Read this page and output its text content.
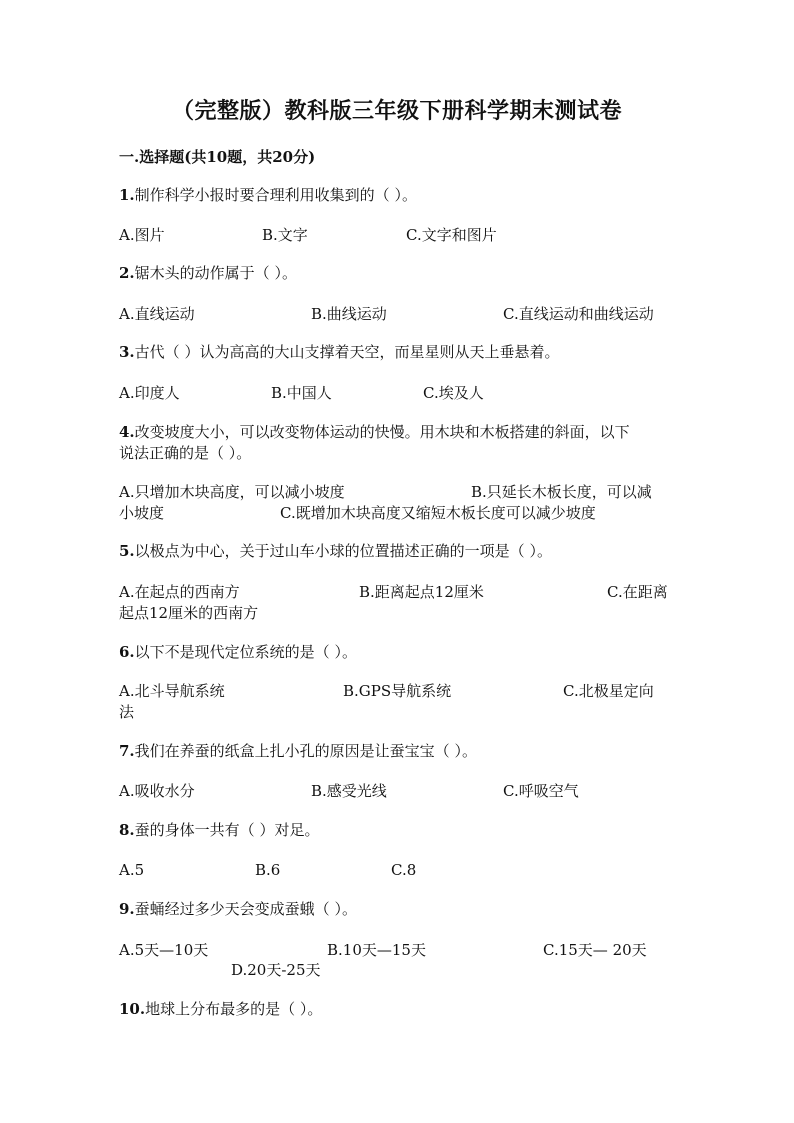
（完整版）教科版三年级下册科学期末测试卷
一.选择题(共10题，共20分)
1.制作科学小报时要合理利用收集到的（ ）。
A.图片	B.文字	C.文字和图片
2.锯木头的动作属于（ ）。
A.直线运动	B.曲线运动	C.直线运动和曲线运动
3.古代（ ）认为高高的大山支撑着天空，而星星则从天上垂悬着。
A.印度人	B.中国人	C.埃及人
4.改变坡度大小，可以改变物体运动的快慢。用木块和木板搭建的斜面，以下
说法正确的是（ ）。
A.只增加木块高度，可以减小坡度	B.只延长木板长度，可以减
小坡度	C.既增加木块高度又缩短木板长度可以减少坡度
5.以极点为中心，关于过山车小球的位置描述正确的一项是（ ）。
A.在起点的西南方	B.距离起点12厘米	C.在距离
起点12厘米的西南方
6.以下不是现代定位系统的是（ ）。
A.北斗导航系统	B.GPS导航系统	C.北极星定向
法
7.我们在养蚕的纸盒上扎小孔的原因是让蚕宝宝（ ）。
A.吸收水分	B.感受光线	C.呼吸空气
8.蚕的身体一共有（ ）对足。
A.5	B.6	C.8
9.蚕蛹经过多少天会变成蚕蛾（ ）。
A.5天—10天	B.10天—15天	C.15天— 20天
D.20天-25天
10.地球上分布最多的是（ ）。
